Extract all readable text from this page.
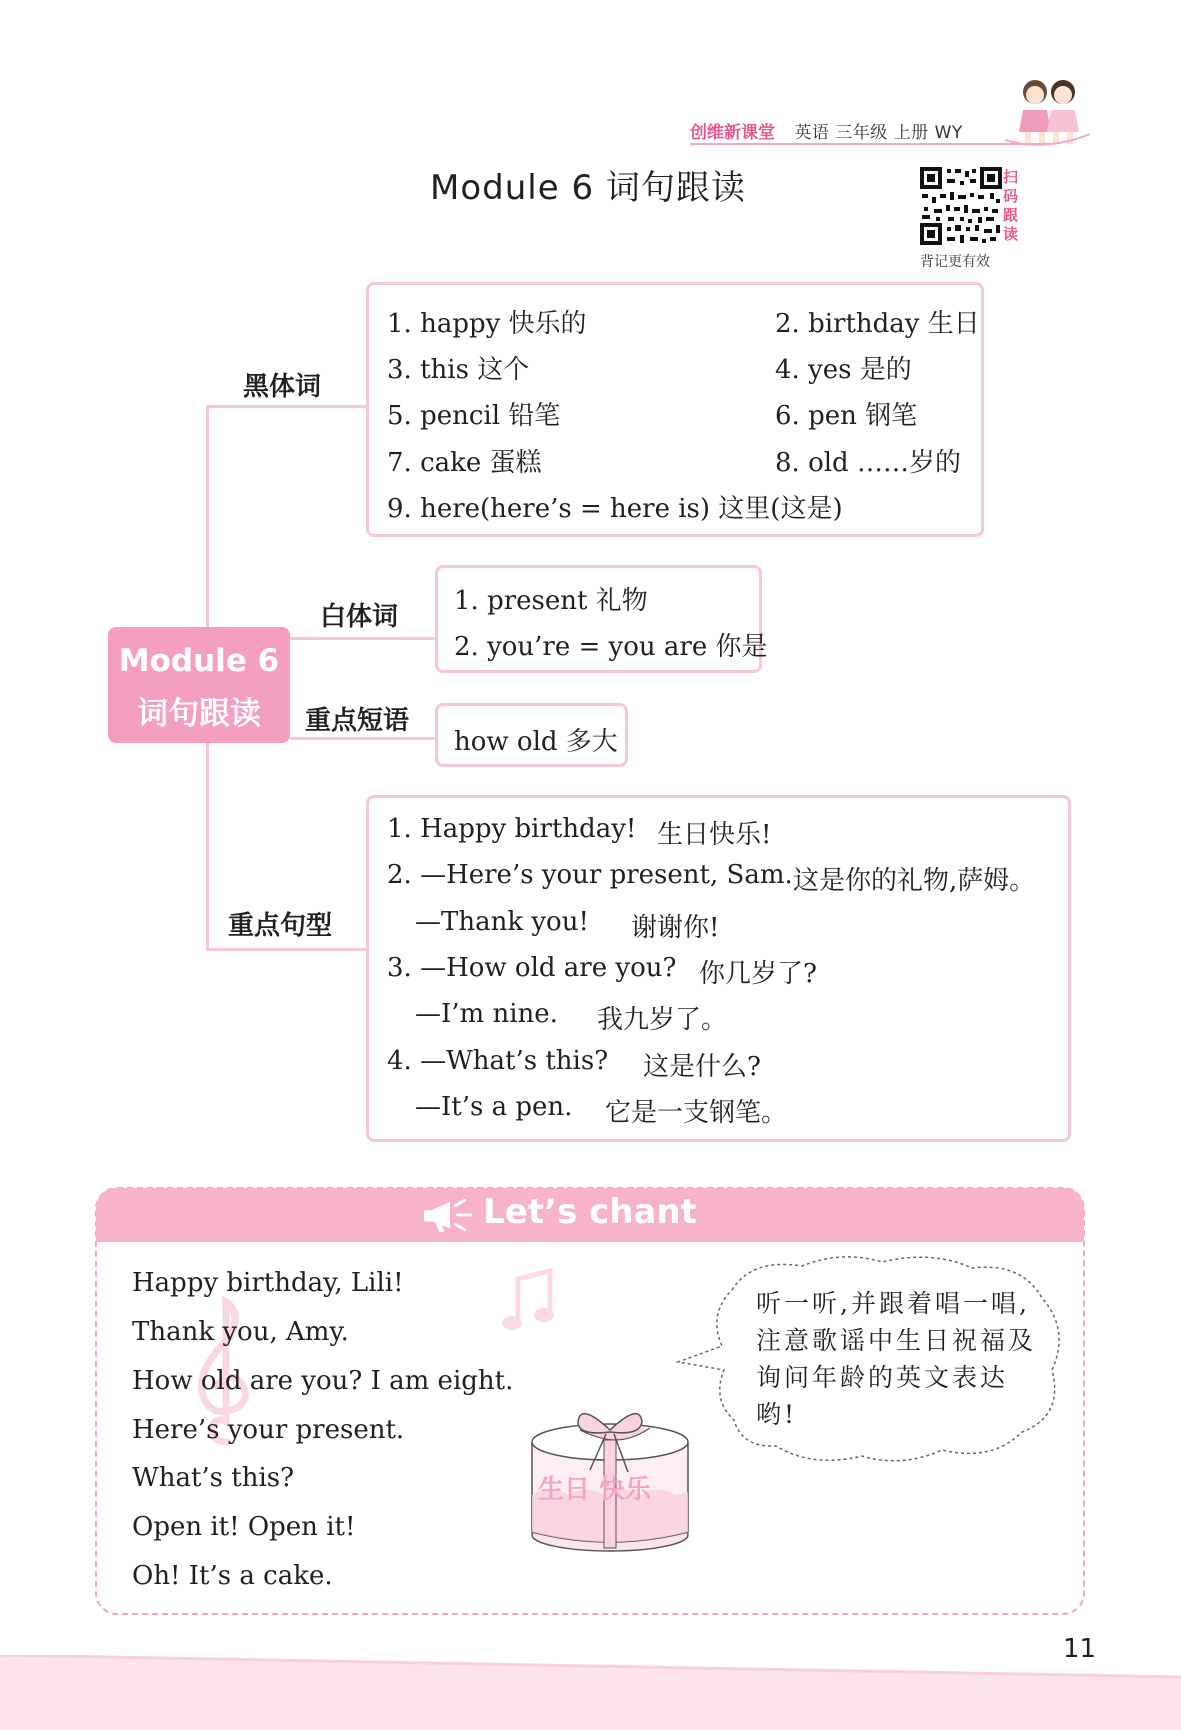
创维新课堂 英语 三年级 上册 WY
Module 6 词句跟读	扫码跟读
背记更有效
Module 6
词句跟读
黑体词
白体词
重点短语
重点句型
1. happy 快乐的	2. birthday 生日
3. this 这个	4. yes 是的
5. pencil 铅笔	6. pen 钢笔
7. cake 蛋糕	8. old ……岁的
9. here(here’s = here is) 这里(这是)
1. present 礼物
2. you’re = you are 你是
how old 多大
1. Happy birthday! 生日快乐!
2. —Here’s your present, Sam. 这是你的礼物,萨姆。
—Thank you! 谢谢你!
3. —How old are you? 你几岁了?
—I’m nine. 我九岁了。
4. —What’s this? 这是什么?
—It’s a pen. 它是一支钢笔。
Let’s chant
Happy birthday, Lili!
Thank you, Amy.
How old are you? I am eight.
Here’s your present.
What’s this?
Open it! Open it!
Oh! It’s a cake.
生日 快乐
听一听,并跟着唱一唱,注意歌谣中生日祝福及询问年龄的英文表达哟!
11
